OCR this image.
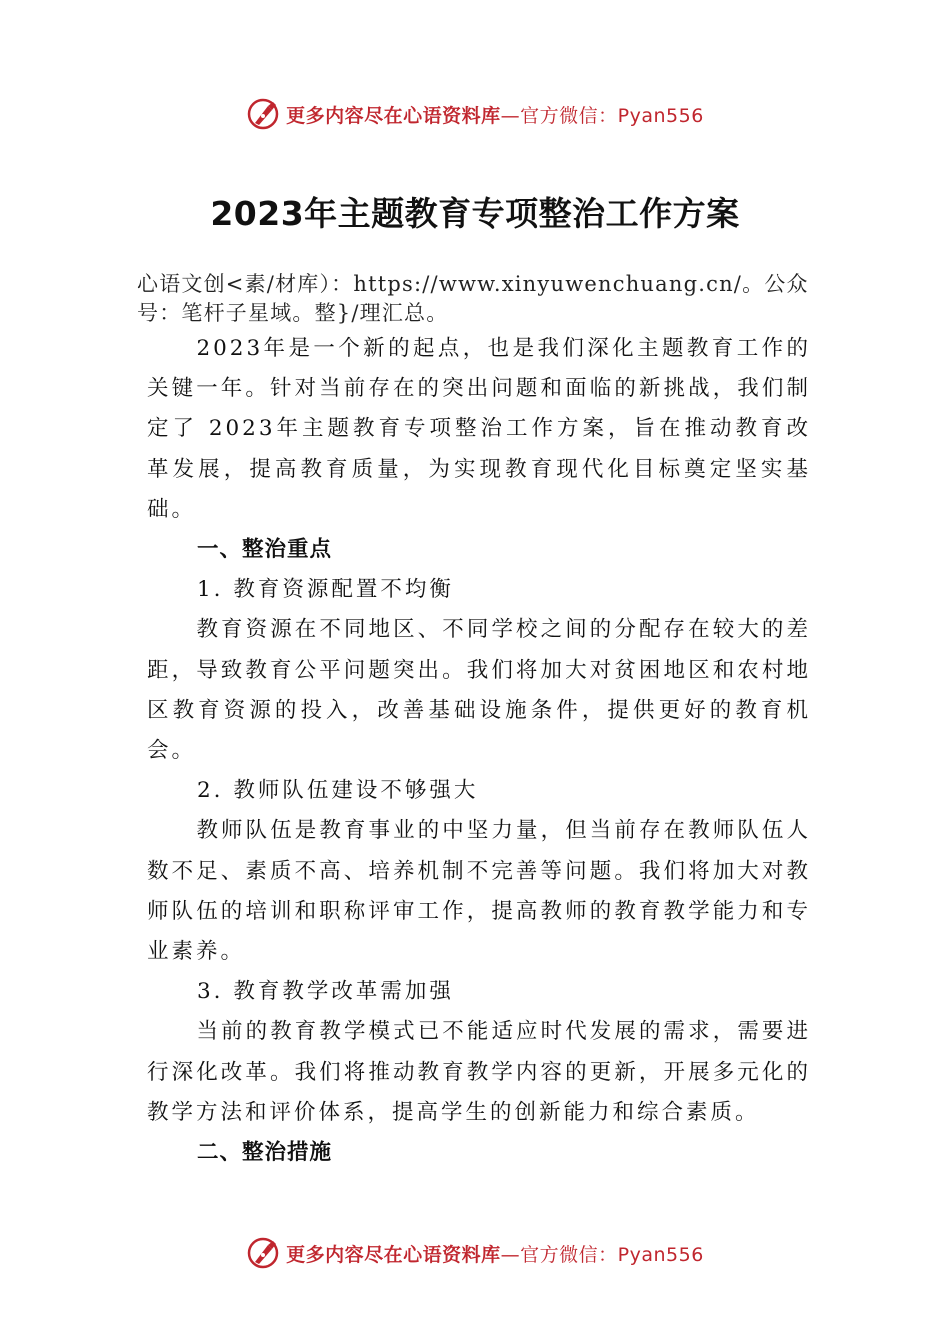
更多内容尽在心语资料库 —官方微信：Pyan556
2023年主题教育专项整治工作方案
心语文创<素/材库）：https://www.xinyuwenchuang.cn/。公众号：笔杆子星域。整}/理汇总。

2023年是一个新的起点，也是我们深化主题教育工作的关键一年。针对当前存在的突出问题和面临的新挑战，我们制定了 2023年主题教育专项整治工作方案，旨在推动教育改革发展，提高教育质量，为实现教育现代化目标奠定坚实基础。

一、整治重点

1. 教育资源配置不均衡

教育资源在不同地区、不同学校之间的分配存在较大的差距，导致教育公平问题突出。我们将加大对贫困地区和农村地区教育资源的投入，改善基础设施条件，提供更好的教育机会。

2. 教师队伍建设不够强大

教师队伍是教育事业的中坚力量，但当前存在教师队伍人数不足、素质不高、培养机制不完善等问题。我们将加大对教师队伍的培训和职称评审工作，提高教师的教育教学能力和专业素养。

3. 教育教学改革需加强

当前的教育教学模式已不能适应时代发展的需求，需要进行深化改革。我们将推动教育教学内容的更新，开展多元化的教学方法和评价体系，提高学生的创新能力和综合素质。

二、整治措施

更多内容尽在心语资料库 —官方微信：Pyan556
